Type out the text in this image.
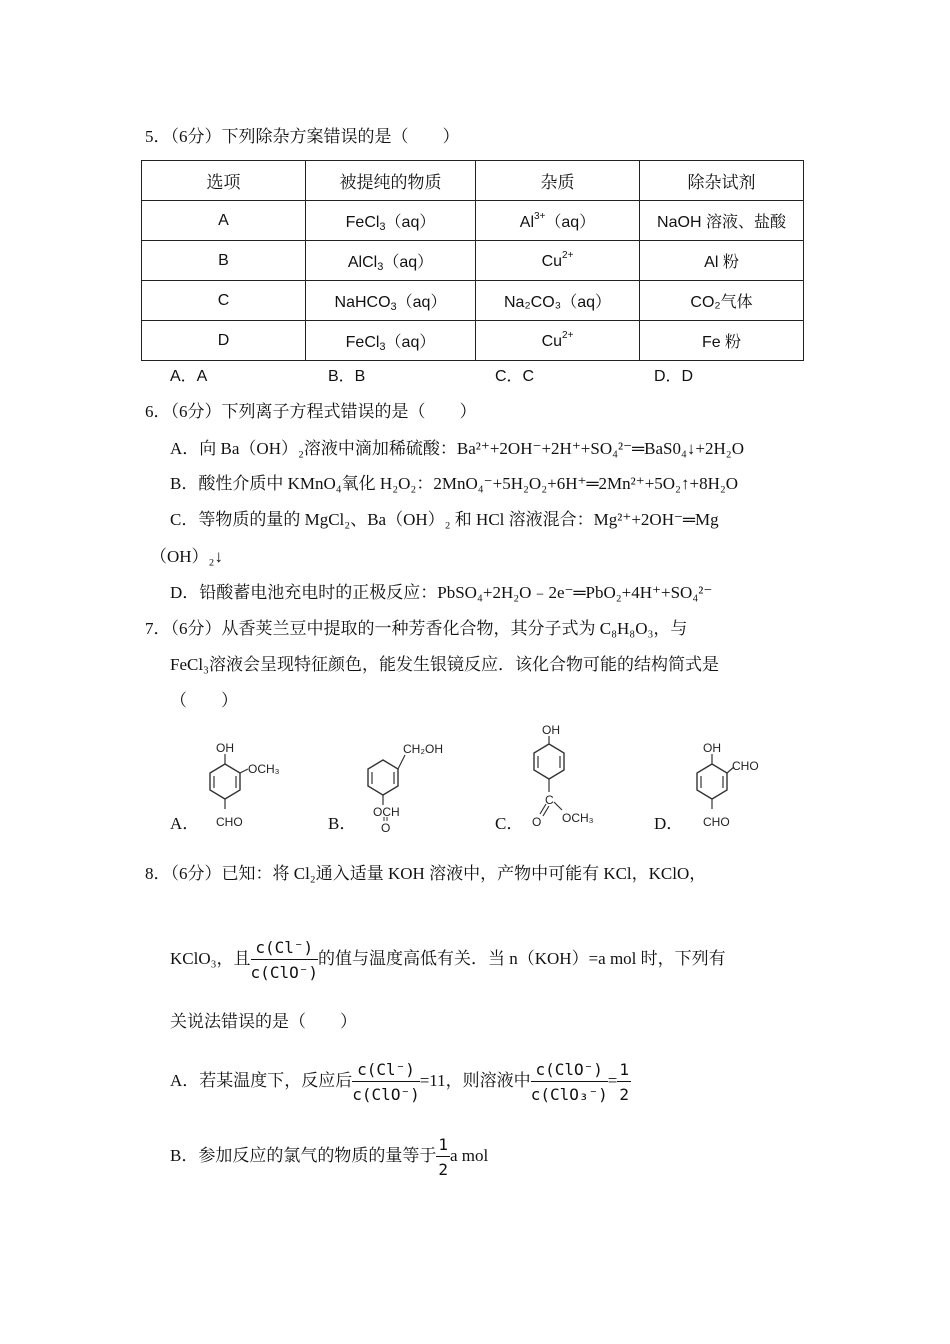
5．（6分）下列除杂方案错误的是（　　）
选项	被提纯的物质	杂质	除杂试剂
A	FeCl$_3$（aq）	$Al^{3+}(aq)$	NaOH 溶液、盐酸
B	AlCl$_3$（aq）	$Cu^{2+}$	Al 粉
C	NaHCO$_3$（aq）	Na₂CO₃（aq）	CO₂气体
D	FeCl$_3$（aq）	$Cu^{2+}$	Fe 粉
A．A	B．B	C．C	D．D
6．（6分）下列离子方程式错误的是（　　）
A．向 Ba（OH）₂溶液中滴加稀硫酸：Ba²⁺+2OH⁻+2H⁺+SO₄²⁻═BaS0₄↓+2H₂O
B．酸性介质中 KMnO₄氧化 H₂O₂：2MnO₄⁻+5H₂O₂+6H⁺═2Mn²⁺+5O₂↑+8H₂O
C．等物质的量的 MgCl₂、Ba（OH）₂ 和 HCl 溶液混合：Mg²⁺+2OH⁻═Mg
（OH）₂↓
D．铅酸蓄电池充电时的正极反应：PbSO₄+2H₂O﹣2e⁻═PbO₂+4H⁺+SO₄²⁻
7．（6分）从香荚兰豆中提取的一种芳香化合物，其分子式为 C₈H₈O₃，与
FeCl₃溶液会呈现特征颜色，能发生银镜反应．该化合物可能的结构简式是
（　　）
OH
OCH₃
CHO
A．
CH₂OH
OCH
O
B．
OH
C
O OCH₃
C．
OH
CHO
CHO
D．
8．（6分）已知：将 Cl₂通入适量 KOH 溶液中，产物中可能有 KCl，KClO，
KClO₃，且 $\frac{c(Cl^-)}{\text{c(ClO⁻)}}$ 的值与温度高低有关．当 n（KOH）=a mol 时，下列有
关说法错误的是（　　）
A．若某温度下，反应后 $\frac{c(Cl^-)}{\text{c(ClO⁻)}} =11$，则溶液中 $\frac{\text{c(ClO⁻)}}{\text{c(ClO₃⁻)}} = \frac{1}{2}$
B．参加反应的氯气的物质的量等于 $\frac{1}{2}$ a mol
